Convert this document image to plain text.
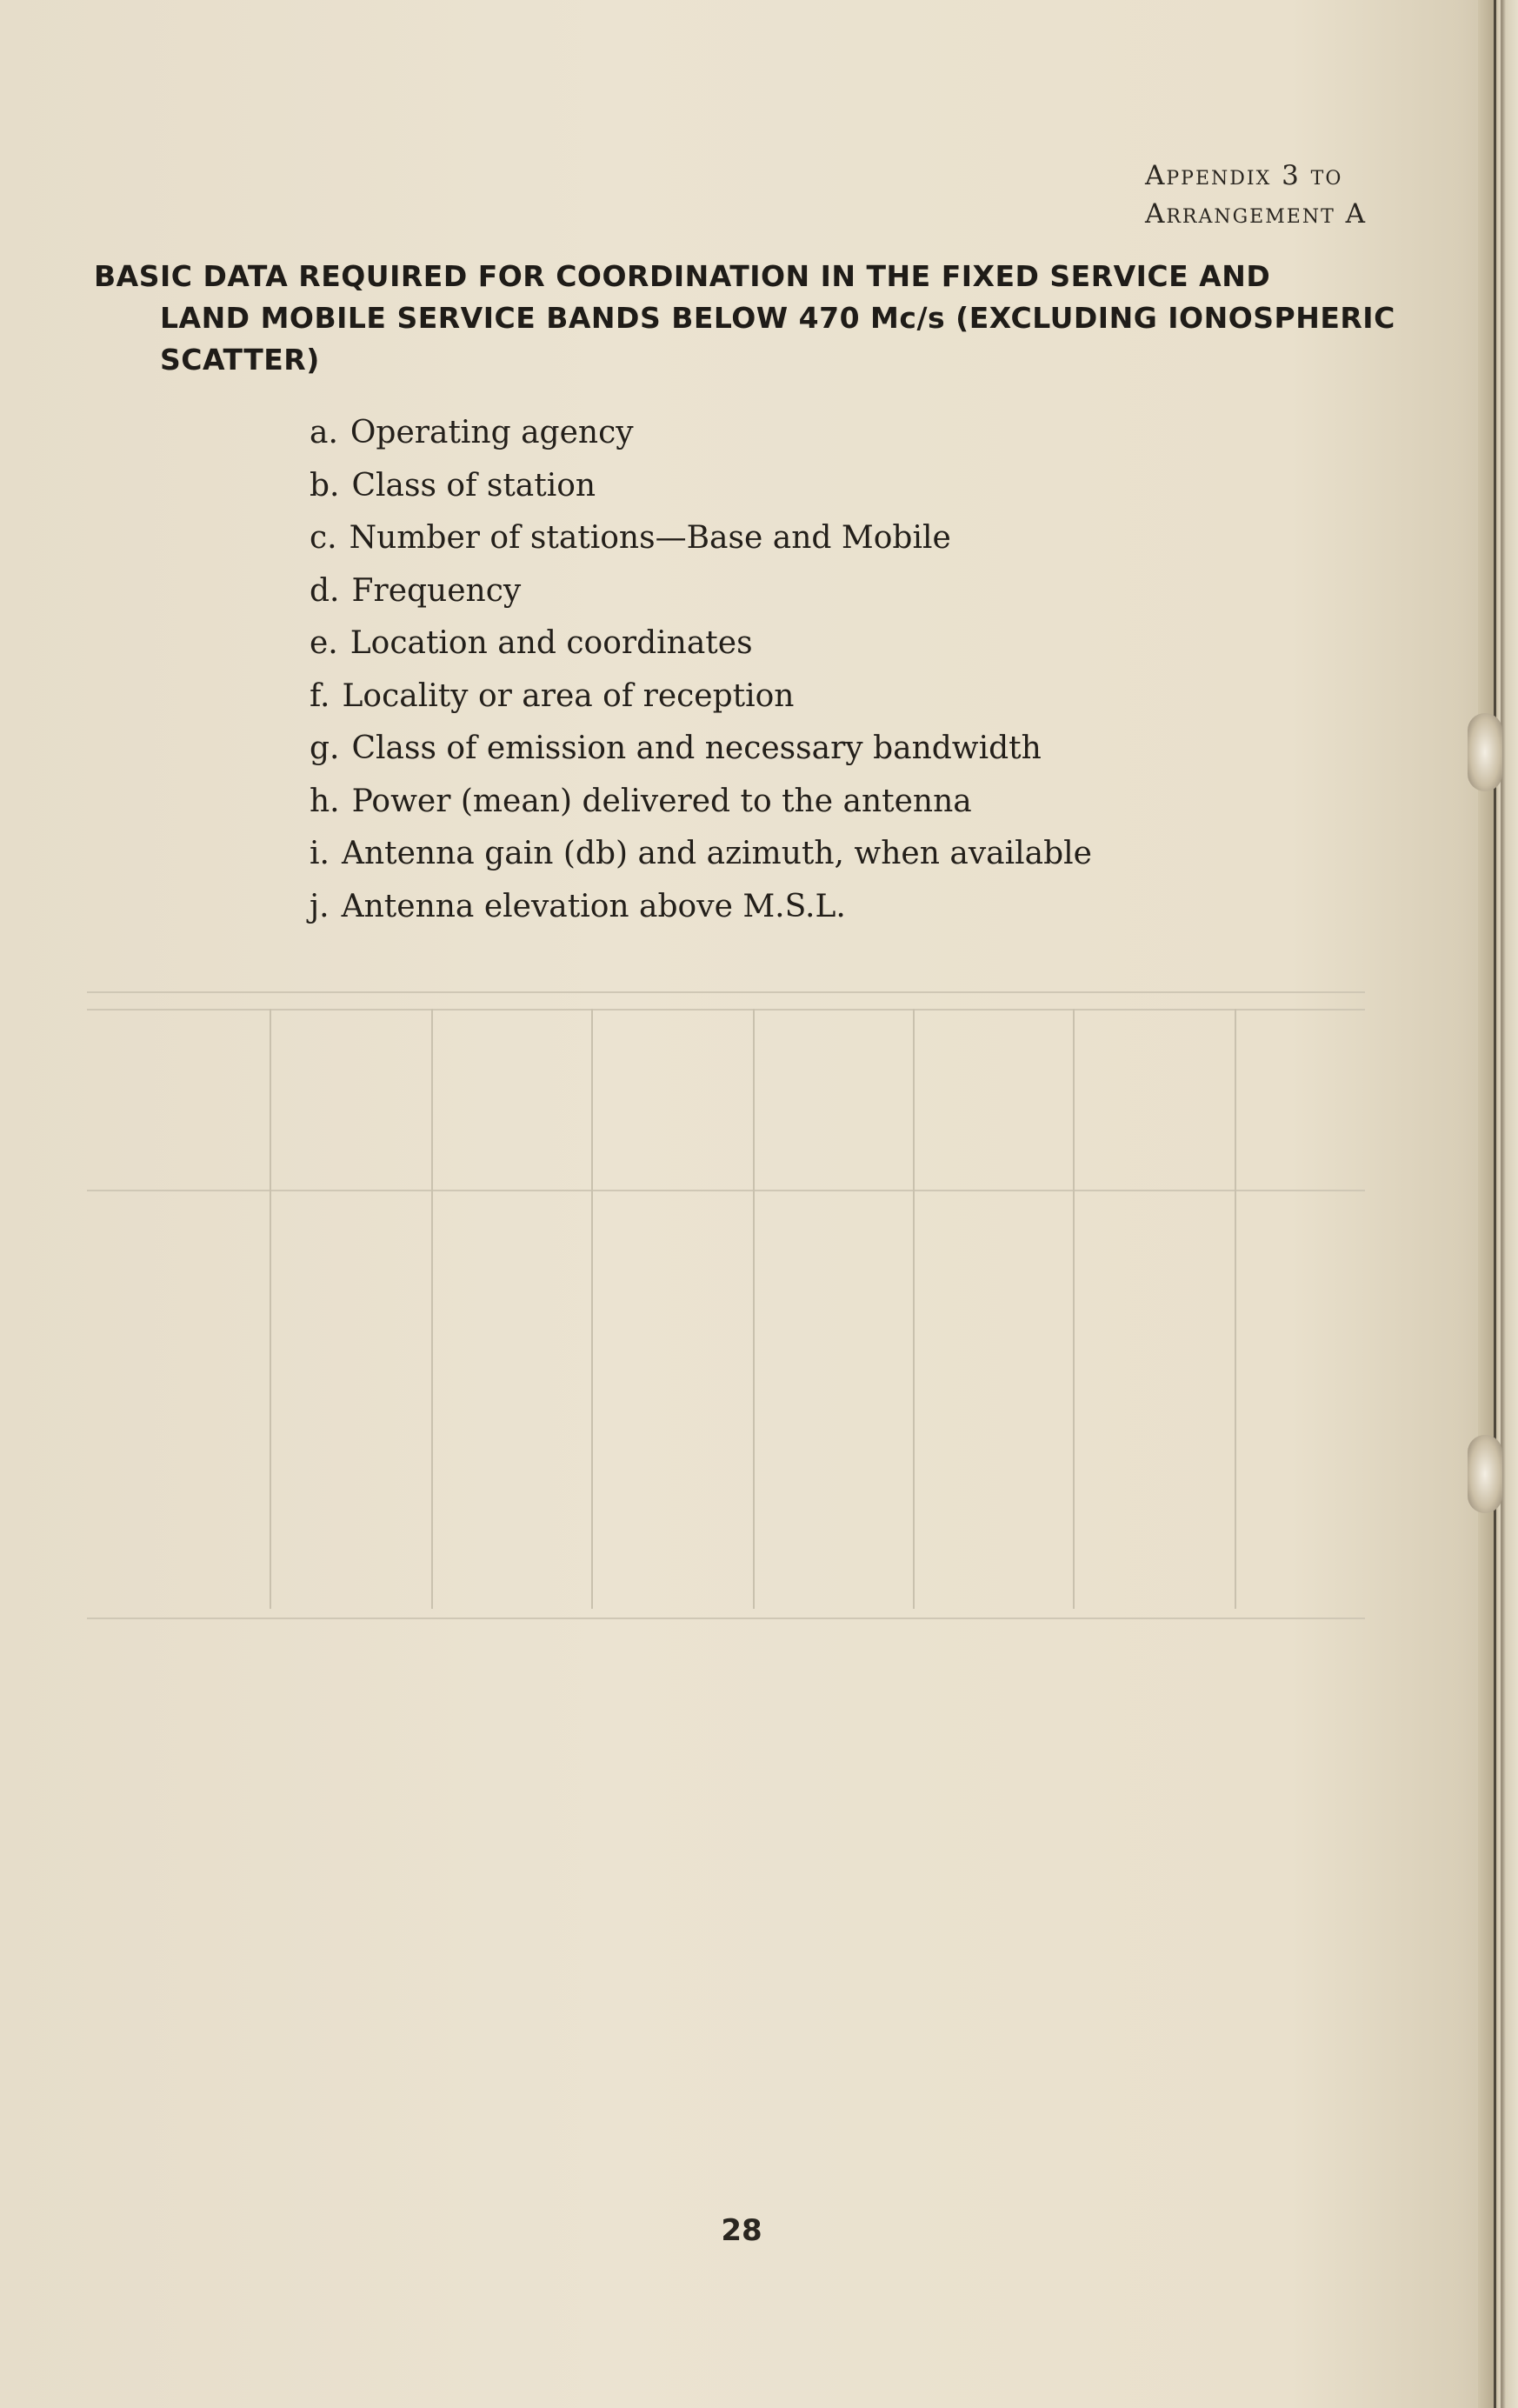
Appendix 3 to
Arrangement A
BASIC DATA REQUIRED FOR COORDINATION IN THE FIXED SERVICE AND
LAND MOBILE SERVICE BANDS BELOW 470 Mc/s (EXCLUDING IONOSPHERIC
SCATTER)
a. Operating agency
b. Class of station
c. Number of stations—Base and Mobile
d. Frequency
e. Location and coordinates
f. Locality or area of reception
g. Class of emission and necessary bandwidth
h. Power (mean) delivered to the antenna
i. Antenna gain (db) and azimuth, when available
j. Antenna elevation above M.S.L.
28
